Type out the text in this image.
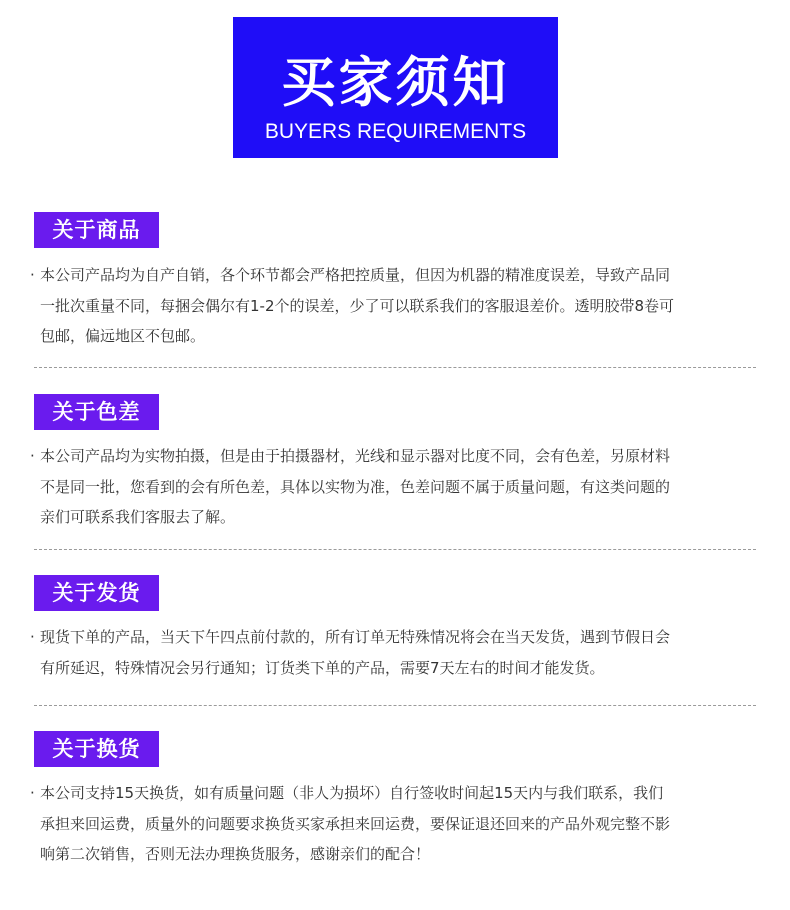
买家须知
BUYERS REQUIREMENTS
关于商品
· 本公司产品均为自产自销，各个环节都会严格把控质量，但因为机器的精准度误差，导致产品同
一批次重量不同，每捆会偶尔有1-2个的误差，少了可以联系我们的客服退差价。透明胶带8卷可
包邮，偏远地区不包邮。
关于色差
· 本公司产品均为实物拍摄，但是由于拍摄器材，光线和显示器对比度不同，会有色差，另原材料
不是同一批，您看到的会有所色差，具体以实物为准，色差问题不属于质量问题，有这类问题的
亲们可联系我们客服去了解。
关于发货
· 现货下单的产品，当天下午四点前付款的，所有订单无特殊情况将会在当天发货，遇到节假日会
有所延迟，特殊情况会另行通知；订货类下单的产品，需要7天左右的时间才能发货。
关于换货
· 本公司支持15天换货，如有质量问题（非人为损坏）自行签收时间起15天内与我们联系，我们
承担来回运费，质量外的问题要求换货买家承担来回运费，要保证退还回来的产品外观完整不影
响第二次销售，否则无法办理换货服务，感谢亲们的配合！
